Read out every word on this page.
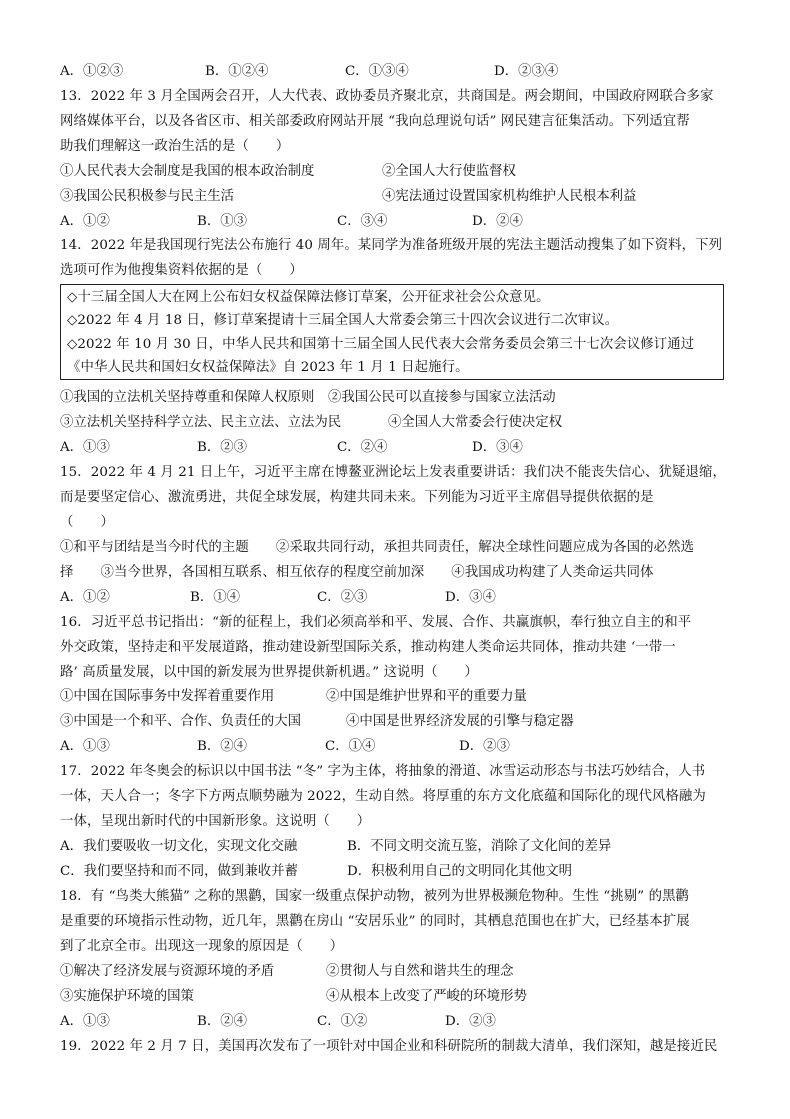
A．①②③	B．①②④	C．①③④	D．②③④
13．2022 年 3 月全国两会召开，人大代表、政协委员齐聚北京，共商国是。两会期间，中国政府网联合多家
网络媒体平台，以及各省区市、相关部委政府网站开展 “我向总理说句话” 网民建言征集活动。下列适宜帮
助我们理解这一政治生活的是（　　）
①人民代表大会制度是我国的根本政治制度	②全国人大行使监督权
③我国公民积极参与民主生活	④宪法通过设置国家机构维护人民根本利益
A．①②	B．①③	C．③④	D．②④
14．2022 年是我国现行宪法公布施行 40 周年。某同学为准备班级开展的宪法主题活动搜集了如下资料，下列
选项可作为他搜集资料依据的是（　　）
◇十三届全国人大在网上公布妇女权益保障法修订草案，公开征求社会公众意见。
◇2022 年 4 月 18 日，修订草案提请十三届全国人大常委会第三十四次会议进行二次审议。
◇2022 年 10 月 30 日，中华人民共和国第十三届全国人民代表大会常务委员会第三十七次会议修订通过
《中华人民共和国妇女权益保障法》自 2023 年 1 月 1 日起施行。
①我国的立法机关坚持尊重和保障人权原则 ②我国公民可以直接参与国家立法活动
③立法机关坚持科学立法、民主立法、立法为民	④全国人大常委会行使决定权
A．①③	B．②③	C．②④	D．③④
15．2022 年 4 月 21 日上午，习近平主席在博鳌亚洲论坛上发表重要讲话：我们决不能丧失信心、犹疑退缩，
而是要坚定信心、激流勇进，共促全球发展，构建共同未来。下列能为习近平主席倡导提供依据的是
（　　）
①和平与团结是当今时代的主题　　②采取共同行动，承担共同责任，解决全球性问题应成为各国的必然选
择　　③当今世界，各国相互联系、相互依存的程度空前加深　　④我国成功构建了人类命运共同体
A．①②	B．①④	C．②③	D．③④
16．习近平总书记指出：“新的征程上，我们必须高举和平、发展、合作、共赢旗帜，奉行独立自主的和平
外交政策，坚持走和平发展道路，推动建设新型国际关系，推动构建人类命运共同体，推动共建 ‘一带一
路’ 高质量发展，以中国的新发展为世界提供新机遇。” 这说明（　　）
①中国在国际事务中发挥着重要作用	②中国是维护世界和平的重要力量
③中国是一个和平、合作、负责任的大国	④中国是世界经济发展的引擎与稳定器
A．①③	B．②④	C．①④	D．②③
17．2022 年冬奥会的标识以中国书法 “冬” 字为主体，将抽象的滑道、冰雪运动形态与书法巧妙结合，人书
一体，天人合一；冬字下方两点顺势融为 2022，生动自然。将厚重的东方文化底蕴和国际化的现代风格融为
一体，呈现出新时代的中国新形象。这说明（　　）
A．我们要吸收一切文化，实现文化交融	B．不同文明交流互鉴，消除了文化间的差异
C．我们要坚持和而不同，做到兼收并蓄	D．积极利用自己的文明同化其他文明
18．有 “鸟类大熊猫” 之称的黑鹳，国家一级重点保护动物，被列为世界极濒危物种。生性 “挑剔” 的黑鹳
是重要的环境指示性动物，近几年，黑鹳在房山 “安居乐业” 的同时，其栖息范围也在扩大，已经基本扩展
到了北京全市。出现这一现象的原因是（　　）
①解决了经济发展与资源环境的矛盾	②贯彻人与自然和谐共生的理念
③实施保护环境的国策	④从根本上改变了严峻的环境形势
A．①③	B．②④	C．①②	D．②③
19．2022 年 2 月 7 日，美国再次发布了一项针对中国企业和科研院所的制裁大清单，我们深知，越是接近民
